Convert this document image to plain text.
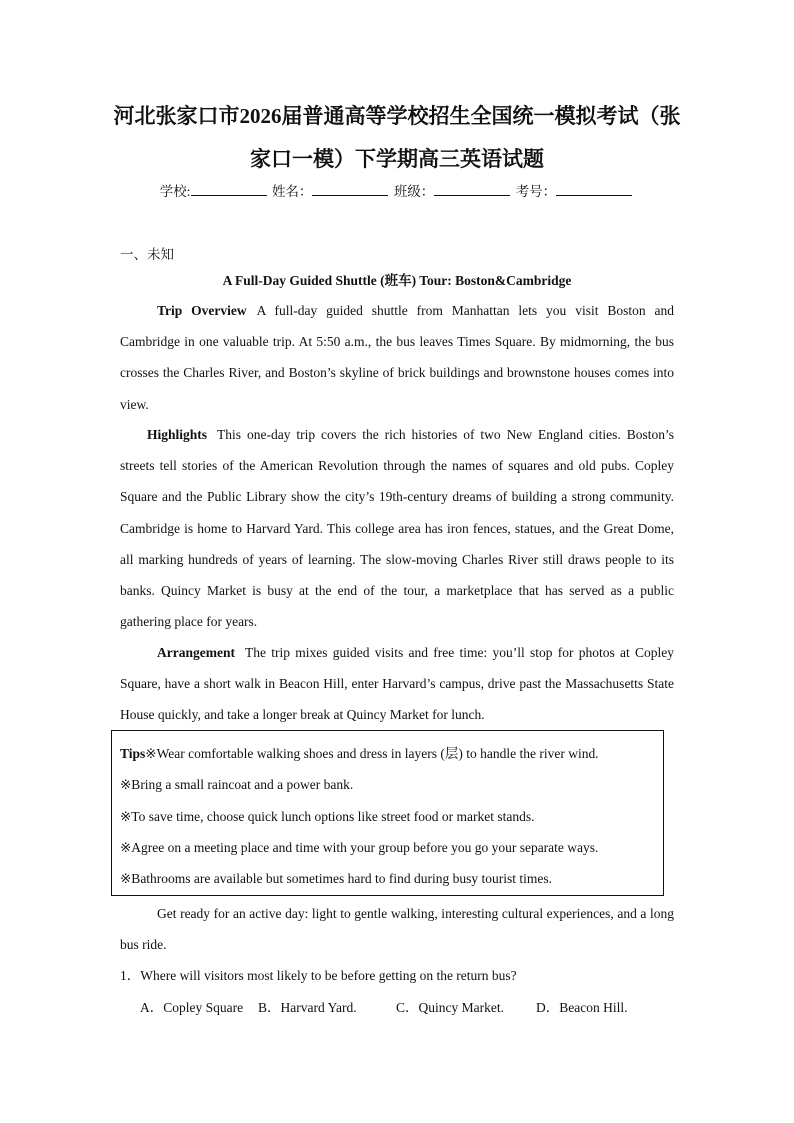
河北张家口市2026届普通高等学校招生全国统一模拟考试（张
家口一模）下学期高三英语试题
学校:	姓名：	班级：	考号：
一、未知
A Full-Day Guided Shuttle (班车) Tour: Boston&Cambridge

Trip Overview A full-day guided shuttle from Manhattan lets you visit Boston and Cambridge in one valuable trip. At 5:50 a.m., the bus leaves Times Square. By midmorning, the bus crosses the Charles River, and Boston’s skyline of brick buildings and brownstone houses comes into view.

Highlights This one-day trip covers the rich histories of two New England cities. Boston’s streets tell stories of the American Revolution through the names of squares and old pubs. Copley Square and the Public Library show the city’s 19th-century dreams of building a strong community. Cambridge is home to Harvard Yard. This college area has iron fences, statues, and the Great Dome, all marking hundreds of years of learning. The slow-moving Charles River still draws people to its banks. Quincy Market is busy at the end of the tour, a marketplace that has served as a public gathering place for years.

Arrangement The trip mixes guided visits and free time: you’ll stop for photos at Copley Square, have a short walk in Beacon Hill, enter Harvard’s campus, drive past the Massachusetts State House quickly, and take a longer break at Quincy Market for lunch.

Tips※Wear comfortable walking shoes and dress in layers (层) to handle the river wind.
※Bring a small raincoat and a power bank.
※To save time, choose quick lunch options like street food or market stands.
※Agree on a meeting place and time with your group before you go your separate ways.
※Bathrooms are available but sometimes hard to find during busy tourist times.

Get ready for an active day: light to gentle walking, interesting cultural experiences, and a long bus ride.

1．Where will visitors most likely to be before getting on the return bus?
A．Copley Square B．Harvard Yard.	C．Quincy Market. D．Beacon Hill.
